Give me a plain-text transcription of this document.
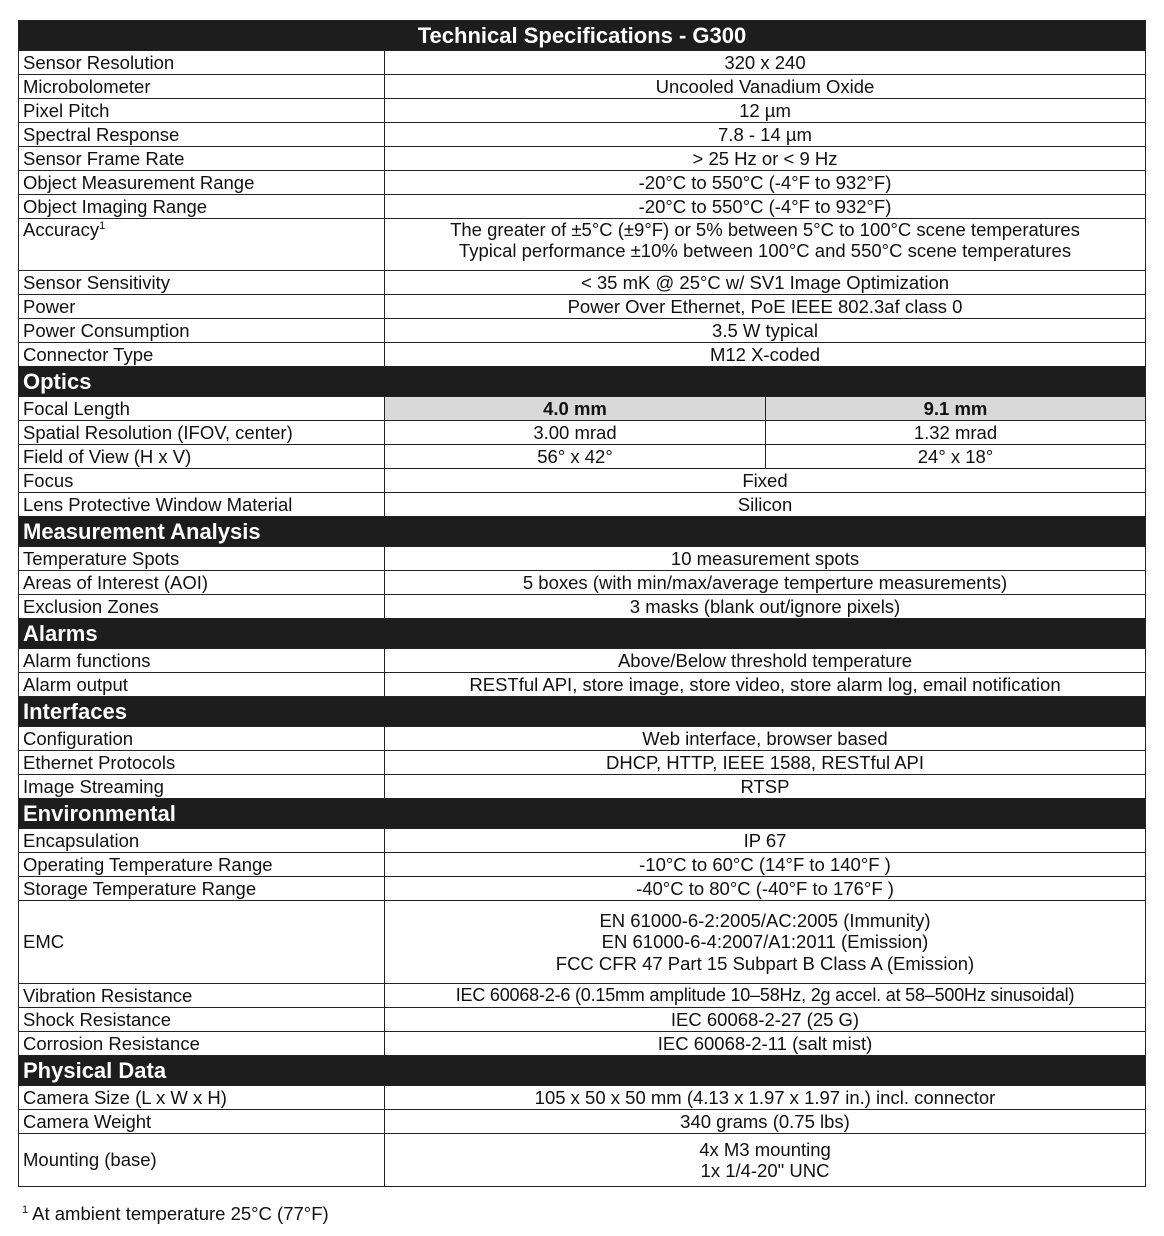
Technical Specifications - G300		
Sensor Resolution	320 x 240	
Microbolometer	Uncooled Vanadium Oxide	
Pixel Pitch	12 µm	
Spectral Response	7.8 - 14 µm	
Sensor Frame Rate	> 25 Hz or < 9 Hz	
Object Measurement Range	-20°C to 550°C (-4°F to 932°F)	
Object Imaging Range	-20°C to 550°C (-4°F to 932°F)	
Accuracy$^1$	The greater of ±5°C (±9°F) or 5% between 5°C to 100°C scene temperatures
Typical performance ±10% between 100°C and 550°C scene temperatures	

Sensor Sensitivity	< 35 mK @ 25°C w/ SV1 Image Optimization	
Power	Power Over Ethernet, PoE IEEE 802.3af class 0	
Power Consumption	3.5 W typical	
Connector Type	M12 X-coded	
Optics		
Focal Length	4.0 mm	9.1 mm
Spatial Resolution (IFOV, center)	3.00 mrad	1.32 mrad
Field of View (H x V)	56° x 42°	24° x 18°
Focus	Fixed	
Lens Protective Window Material	Silicon	
Measurement Analysis		
Temperature Spots	10 measurement spots	
Areas of Interest (AOI)	5 boxes (with min/max/average temperture measurements)	
Exclusion Zones	3 masks (blank out/ignore pixels)	
Alarms		
Alarm functions	Above/Below threshold temperature	
Alarm output	RESTful API, store image, store video, store alarm log, email notification	
Interfaces		
Configuration	Web interface, browser based	
Ethernet Protocols	DHCP, HTTP, IEEE 1588, RESTful API	
Image Streaming	RTSP	
Environmental		
Encapsulation	IP 67	
Operating Temperature Range	-10°C to 60°C (14°F to 140°F )	
Storage Temperature Range	-40°C to 80°C (-40°F to 176°F )	
EMC	EN 61000-6-2:2005/AC:2005 (Immunity)
EN 61000-6-4:2007/A1:2011 (Emission)
FCC CFR 47 Part 15 Subpart B Class A (Emission)	

Vibration Resistance	IEC 60068-2-6 (0.15mm amplitude 10–58Hz, 2g accel. at 58–500Hz sinusoidal)	
Shock Resistance	IEC 60068-2-27 (25 G)	
Corrosion Resistance	IEC 60068-2-11 (salt mist)	
Physical Data		
Camera Size (L x W x H)	105 x 50 x 50 mm (4.13 x 1.97 x 1.97 in.) incl. connector	
Camera Weight	340 grams (0.75 lbs)	
Mounting (base)	4x M3 mounting
1x 1/4-20" UNC	
$^1$ At ambient temperature 25°C (77°F)
